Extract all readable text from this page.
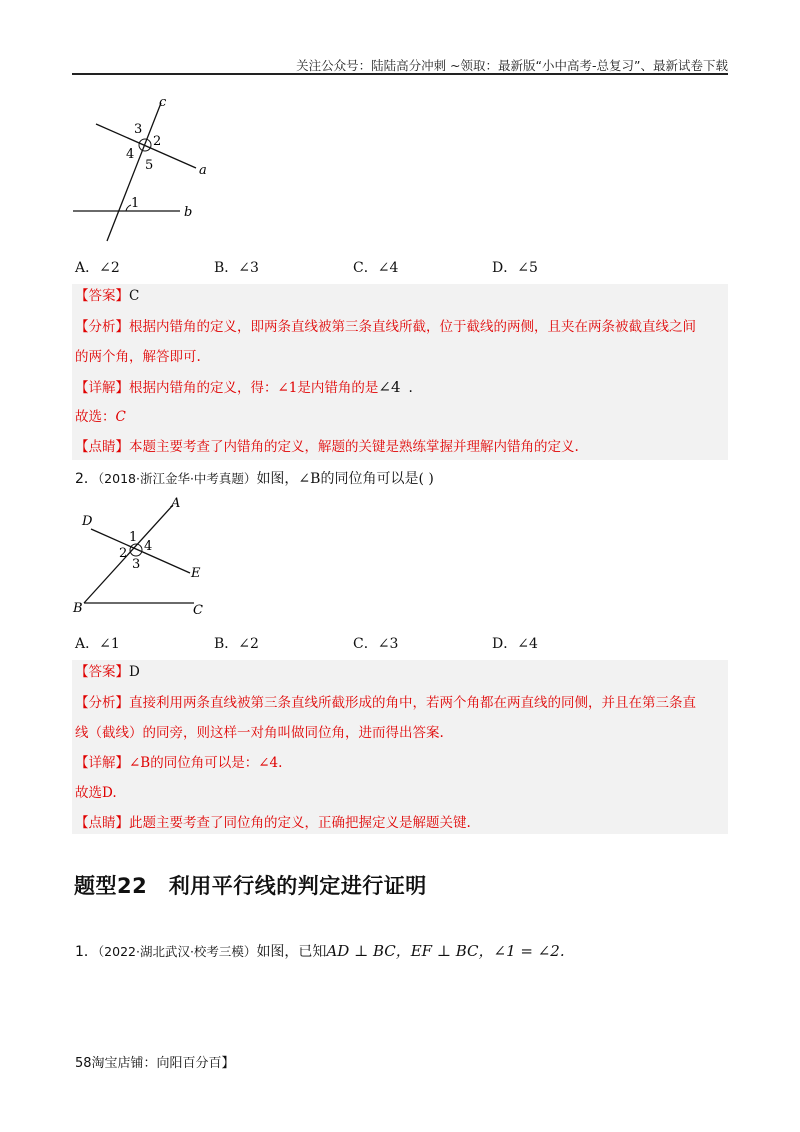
关注公众号：陆陆高分冲刺 ~领取：最新版“小中高考-总复习”、最新试卷下载
c
a
b
3
2
4
5
1
A．∠2	B．∠3	C．∠4	D．∠5
【答案】C
【分析】根据内错角的定义，即两条直线被第三条直线所截，位于截线的两侧，且夹在两条被截直线之间
的两个角，解答即可.
【详解】根据内错角的定义，得：∠1是内错角的是∠4 .
故选：C
【点睛】本题主要考查了内错角的定义，解题的关键是熟练掌握并理解内错角的定义.
2．（2018·浙江金华·中考真题）如图，∠B的同位角可以是( )
A
D
E
B	C
1
4
2
3
A．∠1	B．∠2	C．∠3	D．∠4
【答案】D
【分析】直接利用两条直线被第三条直线所截形成的角中，若两个角都在两直线的同侧，并且在第三条直
线（截线）的同旁，则这样一对角叫做同位角，进而得出答案.
【详解】∠B的同位角可以是：∠4.
故选D.
【点睛】此题主要考查了同位角的定义，正确把握定义是解题关键.
题型22　利用平行线的判定进行证明
1．（2022·湖北武汉·校考三模）如图，已知AD ⊥ BC，EF ⊥ BC，∠1 = ∠2.
58淘宝店铺：向阳百分百】
